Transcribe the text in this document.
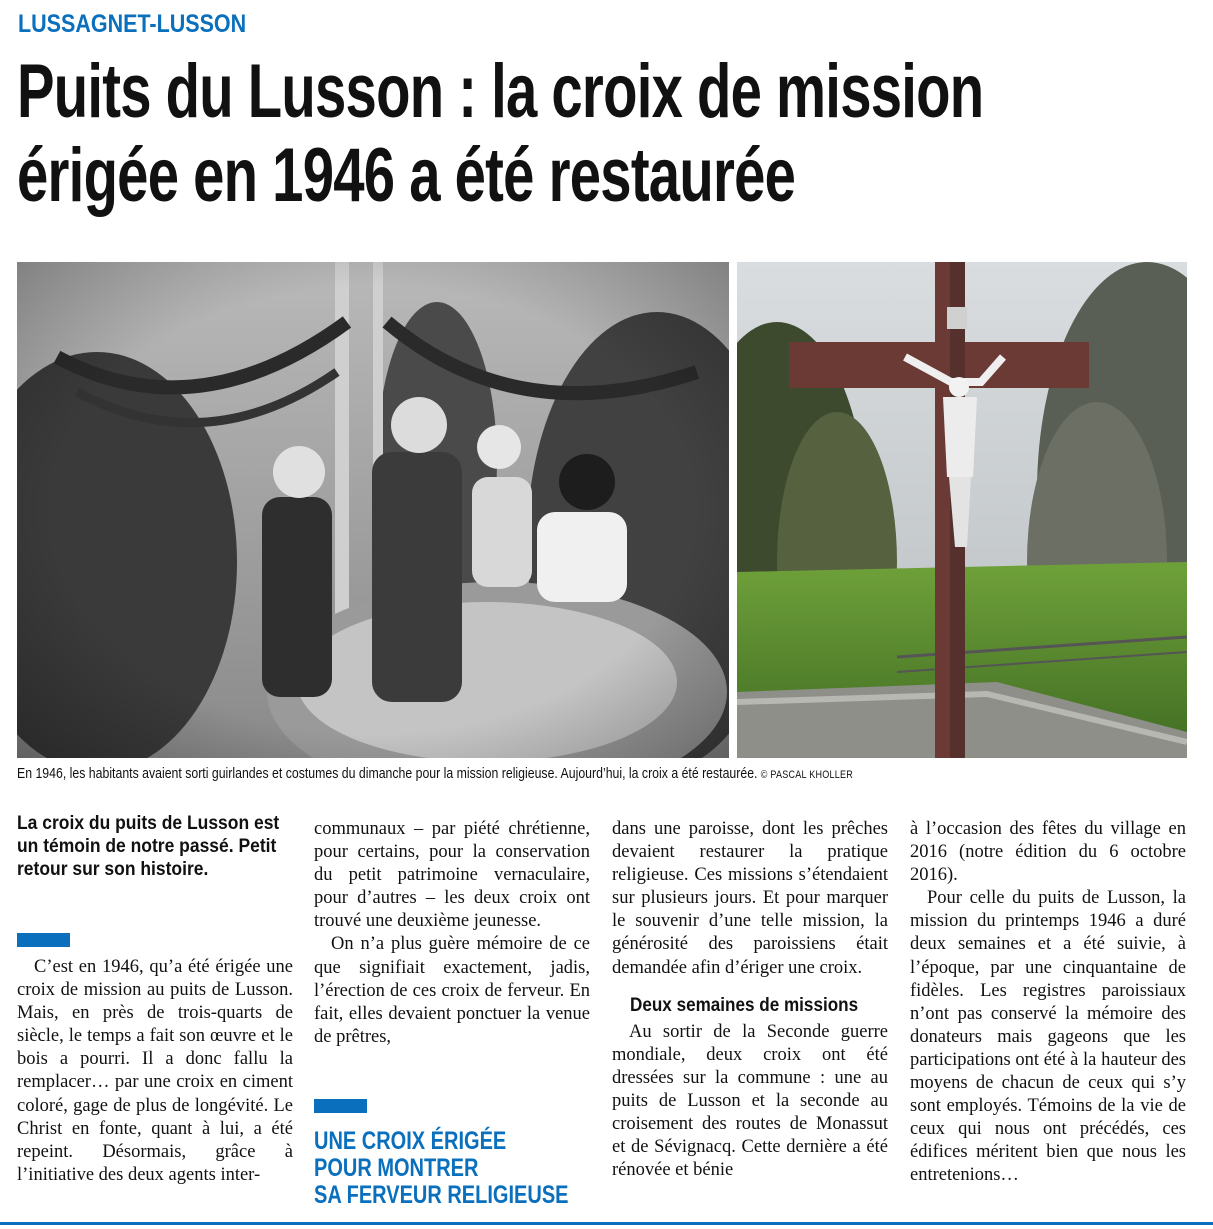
LUSSAGNET-LUSSON
Puits du Lusson : la croix de mission
érigée en 1946 a été restaurée

En 1946, les habitants avaient sorti guirlandes et costumes du dimanche pour la mission religieuse. Aujourd’hui, la croix a été restaurée. © PASCAL KHOLLER

La croix du puits de Lusson est un témoin de notre passé. Petit retour sur son histoire.

C’est en 1946, qu’a été érigée une croix de mission au puits de Lusson. Mais, en près de trois-quarts de siècle, le temps a fait son œuvre et le bois a pourri. Il a donc fallu la remplacer… par une croix en ciment coloré, gage de plus de longévité. Le Christ en fonte, quant à lui, a été repeint. Désormais, grâce à l’initiative des deux agents inter-

communaux – par piété chrétienne, pour certains, pour la conservation du petit patrimoine vernaculaire, pour d’autres – les deux croix ont trouvé une deuxième jeunesse.

On n’a plus guère mémoire de ce que signifiait exactement, jadis, l’érection de ces croix de ferveur. En fait, elles devaient ponctuer la venue de prêtres,

UNE CROIX ÉRIGÉE
POUR MONTRER
SA FERVEUR RELIGIEUSE

dans une paroisse, dont les prêches devaient restaurer la pratique religieuse. Ces missions s’étendaient sur plusieurs jours. Et pour marquer le souvenir d’une telle mission, la générosité des paroissiens était demandée afin d’ériger une croix.

Deux semaines de missions

Au sortir de la Seconde guerre mondiale, deux croix ont été dressées sur la commune : une au puits de Lusson et la seconde au croisement des routes de Monassut et de Sévignacq. Cette dernière a été rénovée et bénie

à l’occasion des fêtes du village en 2016 (notre édition du 6 octobre 2016).

Pour celle du puits de Lusson, la mission du printemps 1946 a duré deux semaines et a été suivie, à l’époque, par une cinquantaine de fidèles. Les registres paroissiaux n’ont pas conservé la mémoire des donateurs mais gageons que les participations ont été à la hauteur des moyens de chacun de ceux qui s’y sont employés. Témoins de la vie de ceux qui nous ont précédés, ces édifices méritent bien que nous les entretenions…
